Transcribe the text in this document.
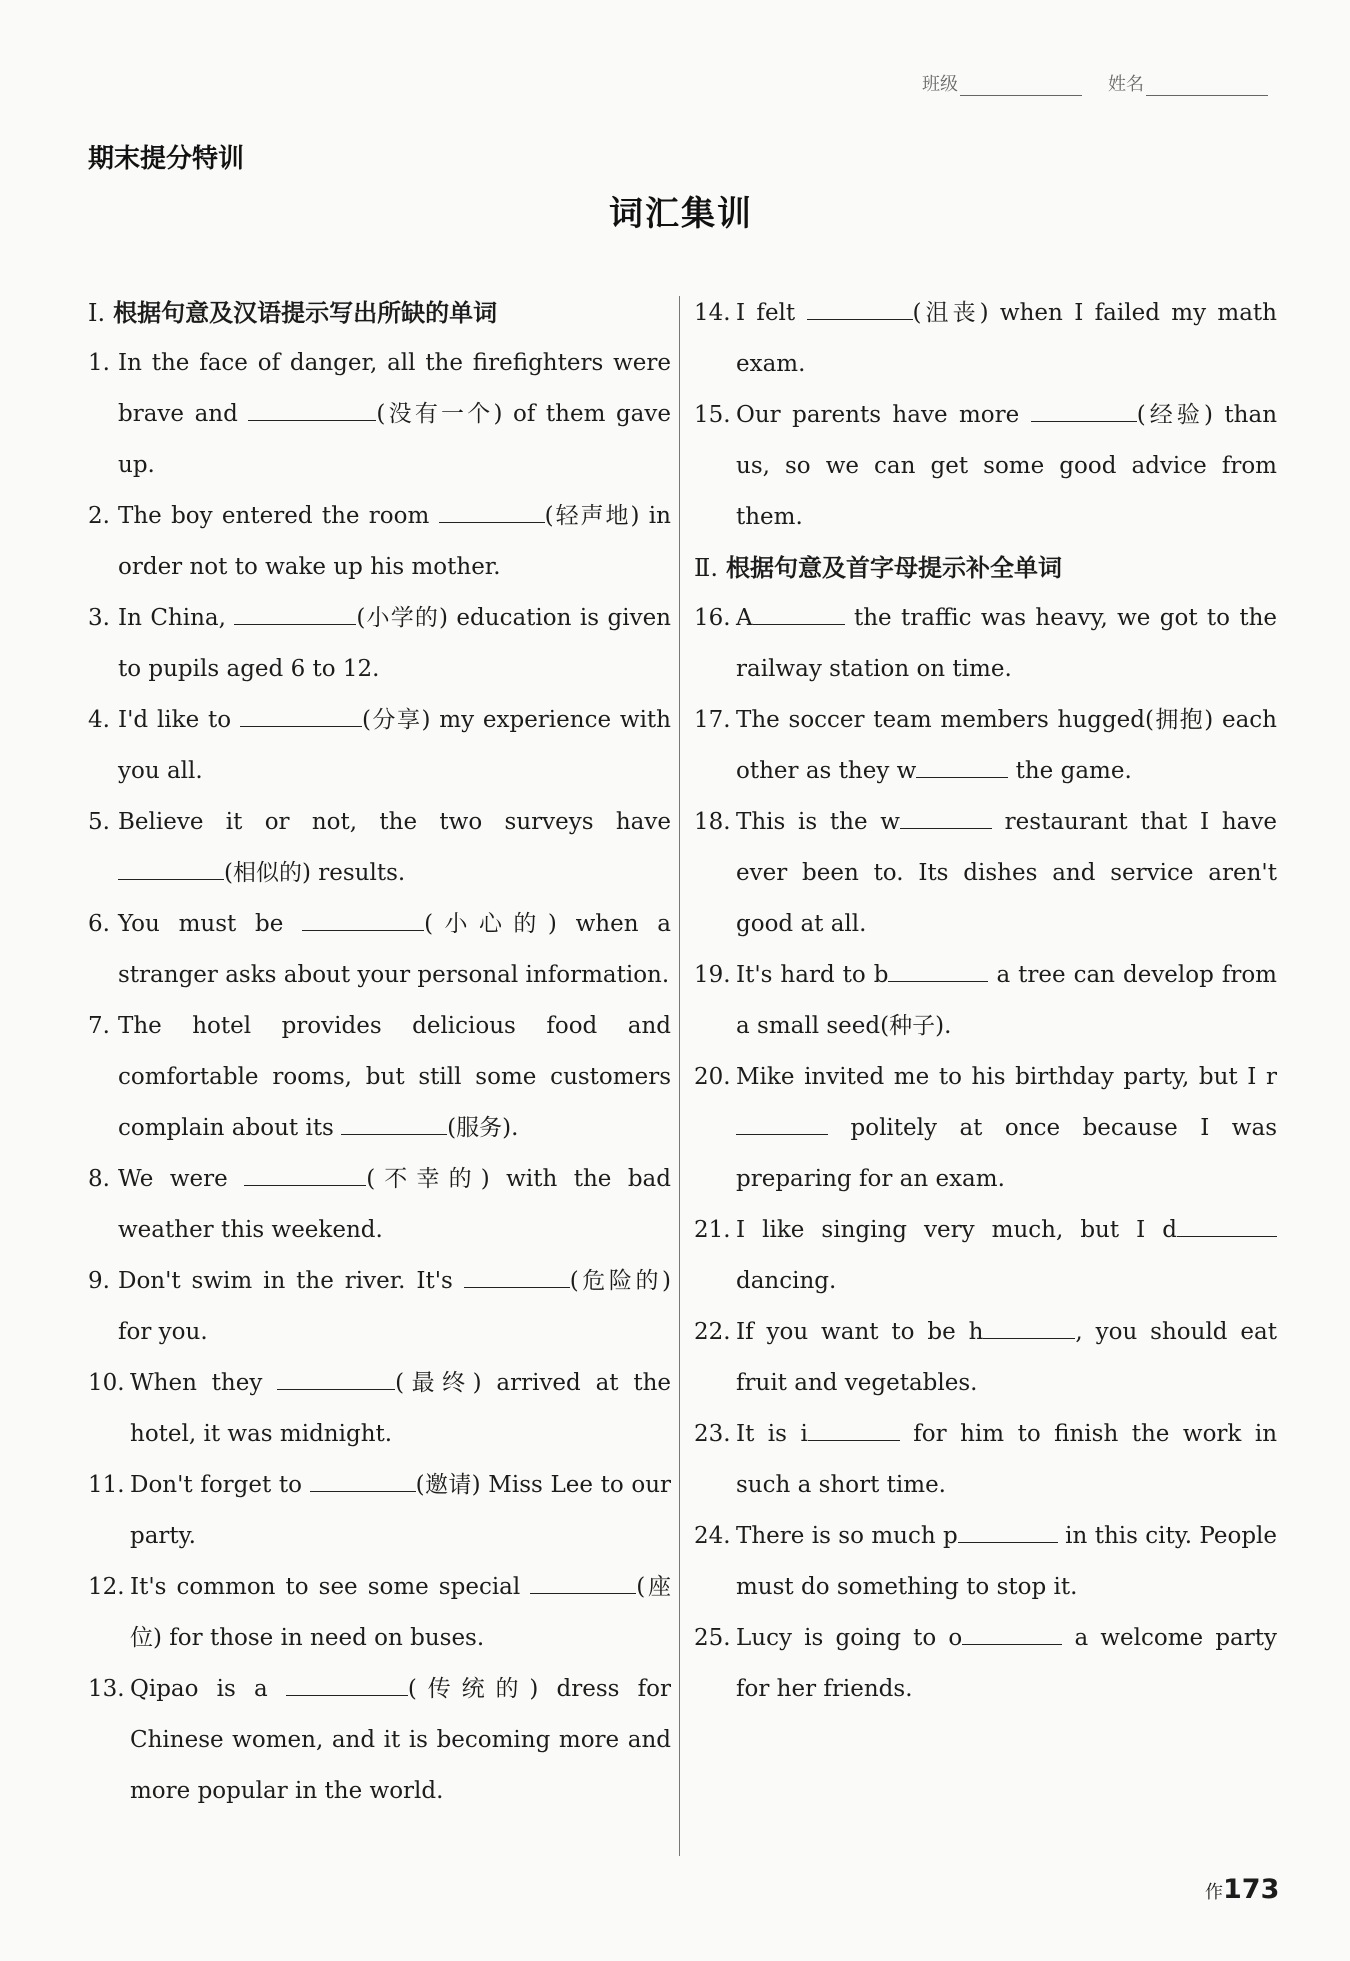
班级	姓名
期末提分特训
词汇集训
Ⅰ. 根据句意及汉语提示写出所缺的单词
1. In the face of danger, all the firefighters were brave and	(没有一个) of them gave up.
2. The boy entered the room	(轻声地) in order not to wake up his mother.
3. In China,	(小学的) education is given to pupils aged 6 to 12.
4. I'd like to	(分享) my experience with you all.
5. Believe it or not, the two surveys have (相似的) results.
6. You must be	(小心的) when a stranger asks about your personal information.
7. The hotel provides delicious food and comfortable rooms, but still some customers complain about its	(服务).
8. We were	(不幸的) with the bad weather this weekend.
9. Don't swim in the river. It's	(危险的) for you.
10. When they	(最终) arrived at the hotel, it was midnight.
11. Don't forget to	(邀请) Miss Lee to our party.
12. It's common to see some special	(座位) for those in need on buses.
13. Qipao is a	(传统的) dress for Chinese women, and it is becoming more and more popular in the world.
14. I felt	(沮丧) when I failed my math exam.
15. Our parents have more	(经验) than us, so we can get some good advice from them.
Ⅱ. 根据句意及首字母提示补全单词
16. A	the traffic was heavy, we got to the railway station on time.
17. The soccer team members hugged(拥抱) each other as they w	the game.
18. This is the w	restaurant that I have ever been to. Its dishes and service aren't good at all.
19. It's hard to b	a tree can develop from a small seed(种子).
20. Mike invited me to his birthday party, but I r politely at once because I was preparing for an exam.
21. I like singing very much, but I d dancing.
22. If you want to be h	, you should eat fruit and vegetables.
23. It is i	for him to finish the work in such a short time.
24. There is so much p	in this city. People must do something to stop it.
25. Lucy is going to o	a welcome party for her friends.
作173
